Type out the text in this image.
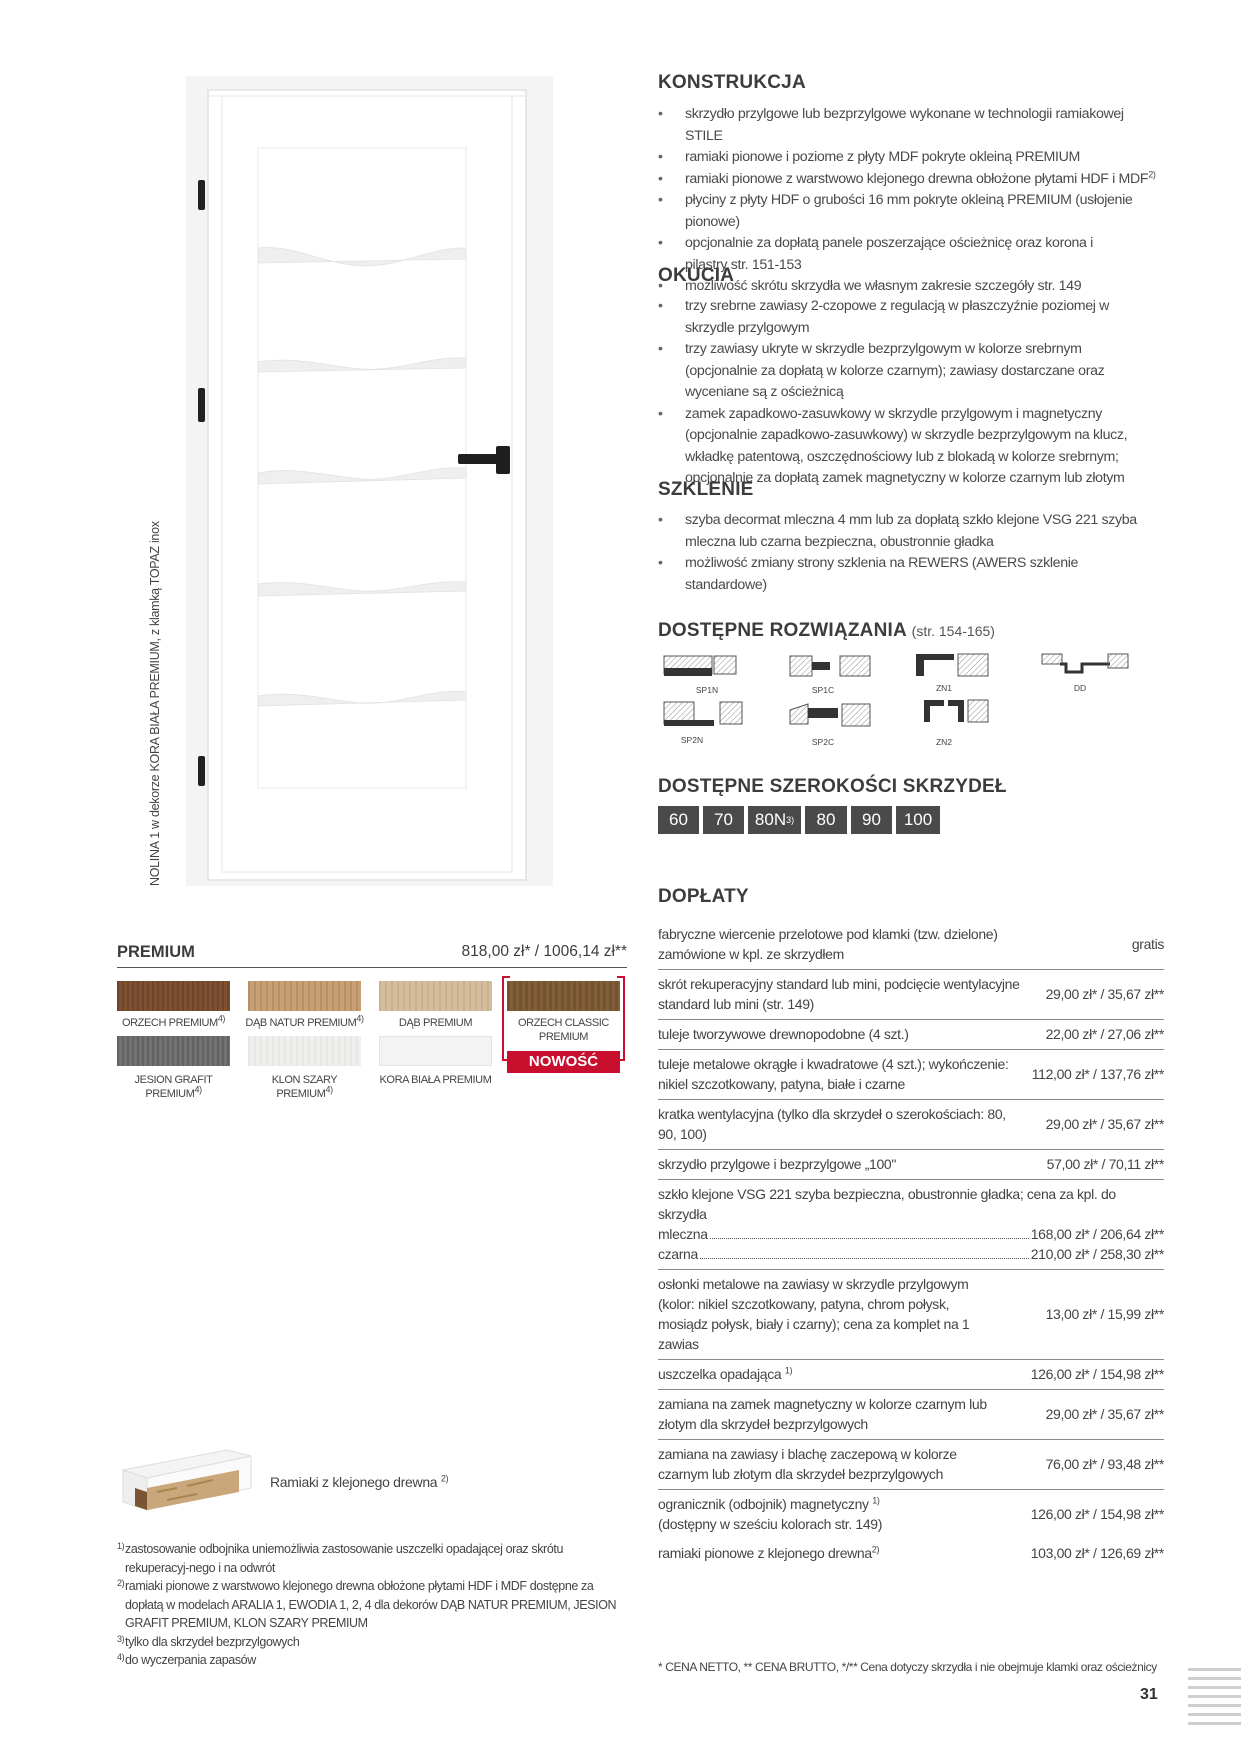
NOLINA 1 w dekorze KORA BIAŁA PREMIUM, z klamką TOPAZ inox
KONSTRUKCJA
• skrzydło przylgowe lub bezprzylgowe wykonane w technologii ramiakowej STILE
• ramiaki pionowe i poziome z płyty MDF pokryte okleiną PREMIUM
• ramiaki pionowe z warstwowo klejonego drewna obłożone płytami HDF i MDF$^{2)}$
• płyciny z płyty HDF o grubości 16 mm pokryte okleiną PREMIUM (usłojenie pionowe)
• opcjonalnie za dopłatą panele poszerzające ościeżnicę oraz korona i pilastry str. 151-153
• możliwość skrótu skrzydła we własnym zakresie szczegóły str. 149
OKUCIA
• trzy srebrne zawiasy 2-czopowe z regulacją w płaszczyźnie poziomej w skrzydle przylgowym
• trzy zawiasy ukryte w skrzydle bezprzylgowym w kolorze srebrnym (opcjonalnie za dopłatą w kolorze czarnym); zawiasy dostarczane oraz wyceniane są z ościeżnicą
• zamek zapadkowo-zasuwkowy w skrzydle przylgowym i magnetyczny (opcjonalnie zapadkowo-zasuwkowy) w skrzydle bezprzylgowym na klucz, wkładkę patentową, oszczędnościowy lub z blokadą w kolorze srebrnym; opcjonalnie za dopłatą zamek magnetyczny w kolorze czarnym lub złotym
SZKLENIE
• szyba decormat mleczna 4 mm lub za dopłatą szkło klejone VSG 221 szyba mleczna lub czarna bezpieczna, obustronnie gładka
• możliwość zmiany strony szklenia na REWERS (AWERS szklenie standardowe)
DOSTĘPNE ROZWIĄZANIA (str. 154-165)
SP1N	SP1C	ZN1	DD
SP2N	SP2C	ZN2
DOSTĘPNE SZEROKOŚCI SKRZYDEŁ
60 70 80N 3) 80 90 100
DOPŁATY
fabryczne wiercenie przelotowe pod klamki (tzw. dzielone) zamówione w kpl. ze skrzydłem	gratis
skrót rekuperacyjny standard lub mini, podcięcie wentylacyjne standard lub mini (str. 149)	29,00 zł* / 35,67 zł**
tuleje tworzywowe drewnopodobne (4 szt.)	22,00 zł* / 27,06 zł**
tuleje metalowe okrągłe i kwadratowe (4 szt.); wykończenie: nikiel szczotkowany, patyna, białe i czarne	112,00 zł* / 137,76 zł**
kratka wentylacyjna (tylko dla skrzydeł o szerokościach: 80, 90, 100)	29,00 zł* / 35,67 zł**
skrzydło przylgowe i bezprzylgowe „100"	57,00 zł* / 70,11 zł**

szkło klejone VSG 221 szyba bezpieczna, obustronnie gładka; cena za kpl. do skrzydła
mleczna 168,00 zł* / 206,64 zł**
czarna 210,00 zł* / 258,30 zł**	

osłonki metalowe na zawiasy w skrzydle przylgowym (kolor: nikiel szczotkowany, patyna, chrom połysk, mosiądz połysk, biały i czarny); cena za komplet na 1 zawias	13,00 zł* / 15,99 zł**
uszczelka opadająca $^{1)}$	126,00 zł* / 154,98 zł**
zamiana na zamek magnetyczny w kolorze czarnym lub złotym dla skrzydeł bezprzylgowych	29,00 zł* / 35,67 zł**
zamiana na zawiasy i blachę zaczepową w kolorze czarnym lub złotym dla skrzydeł bezprzylgowych	76,00 zł* / 93,48 zł**

ogranicznik (odbojnik) magnetyczny $^{1)}$
(dostępny w sześciu kolorach str. 149)	126,00 zł* / 154,98 zł**
ramiaki pionowe z klejonego drewna$^{2)}$	103,00 zł* / 126,69 zł**
PREMIUM	818,00 zł* / 1006,14 zł**
ORZECH PREMIUM$^{4)}$	DĄB NATUR PREMIUM$^{4)}$	DĄB PREMIUM	ORZECH CLASSIC PREMIUM
NOWOŚĆ
JESION GRAFIT PREMIUM$^{4)}$
KLON SZARY PREMIUM$^{4)}$
KORA BIAŁA PREMIUM
Ramiaki z klejonego drewna $^{2)}$
1) zastosowanie odbojnika uniemożliwia zastosowanie uszczelki opadającej oraz skrótu rekuperacyj-nego i na odwrót
2) ramiaki pionowe z warstwowo klejonego drewna obłożone płytami HDF i MDF dostępne za dopłatą w modelach ARALIA 1, EWODIA 1, 2, 4 dla dekorów DĄB NATUR PREMIUM, JESION GRAFIT PREMIUM, KLON SZARY PREMIUM
3) tylko dla skrzydeł bezprzylgowych
4) do wyczerpania zapasów	* CENA NETTO, ** CENA BRUTTO, */** Cena dotyczy skrzydła i nie obejmuje klamki oraz ościeżnicy
31
